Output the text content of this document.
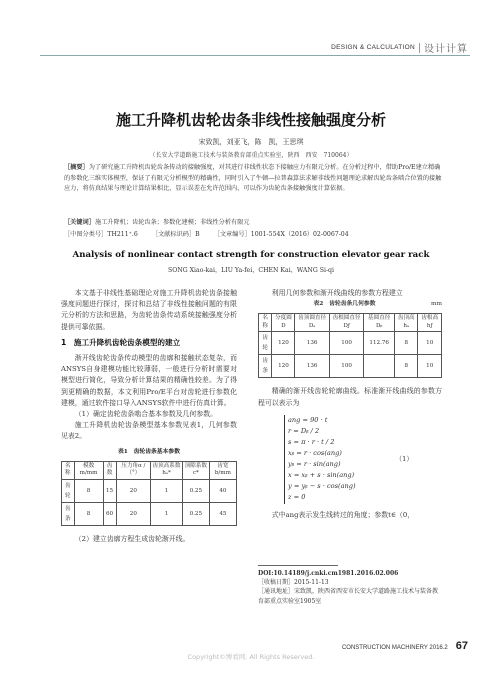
DESIGN & CALCULATION 设计计算
施工升降机齿轮齿条非线性接触强度分析
宋致凯，刘亚飞，陈　凯，王思琪
（长安大学道路施工技术与装备教育部重点实验室，陕西　西安　710064）
［摘要］为了研究施工升降机齿轮齿条传动的接触强度，对其进行非线性状态下接触应力有限元分析。在分析过程中，借助Pro/E建立精确的参数化三维实体模型，保证了有限元分析模型的精确性，同时引入了牛顿—拉普森算法求解非线性问题理论求解齿轮齿条啮合位置的接触应力，将仿真结果与理论计算结果相比，显示误差在允许范围内，可以作为齿轮齿条接触强度计算依据。
［关键词］施工升降机；齿轮齿条；参数化建模；非线性分析有限元
［中图分类号］TH211⁺.6 ［文献标识码］B ［文章编号］1001-554X（2016）02-0067-04
Analysis of nonlinear contact strength for construction elevator gear rack
SONG Xiao-kai，LIU Ya-fei，CHEN Kai，WANG Si-qi

本文基于非线性基础理论对施工升降机齿轮齿条接触强度问题进行探讨，探讨和总结了非线性接触问题的有限元分析的方法和思路，为齿轮齿条传动系统接触强度分析提供可靠依据。

1　施工升降机齿轮齿条模型的建立

渐开线齿轮齿条传动模型的齿廓和接触状态复杂，而ANSYS自身建模功能比较薄弱，一般进行分析时需要对模型进行简化，导致分析计算结果的精确性较差。为了得到更精确的数据，本文利用Pro/E平台对齿轮进行参数化建模，通过软件接口导入ANSYS软件中进行仿真计算。

（1）确定齿轮齿条啮合基本参数及几何参数。

施工升降机齿轮齿条模型基本参数见表1，几何参数见表2。

表1　齿轮齿条基本参数
名称	模数m/mm	齿数	压力角α /（°）	齿顶高系数hₐ*	顶隙系数c*	齿宽b/mm
齿轮	8	15	20	1	0.25	40
齿条	8	60	20	1	0.25	45

（2）建立齿廓方程生成齿轮渐开线。

利用几何参数和渐开线曲线的参数方程建立

表2　齿轮齿条几何参数	mm
名称	分度圆D	齿顶圆直径Dₐ	齿根圆直径Dƒ	基圆直径Dᵦ	齿顶高hₐ	齿根高hƒ
齿轮	120	136	100	112.76	8	10
齿条	120	136	100		8	10

精确的渐开线齿轮轮廓曲线。标准渐开线曲线的参数方程可以表示为

ang = 90 · t
r = Dᵦ / 2
s = π · r · t / 2
xᵦ = r · cos(ang)
yᵦ = r · sin(ang)
x = xᵦ + s · sin(ang)
y = yᵦ − s · cos(ang)
z = 0
（1）

式中ang表示发生线转过的角度；参数t∈（0，

DOI:10.14189/j.cnki.cm1981.2016.02.006
［收稿日期］2015-11-13
［通讯地址］宋致凯，陕西省西安市长安大学道路施工技术与装备教育部重点实验室1905室
CONSTRUCTION MACHINERY 2016.2 67
Copyright©博看网. All Rights Reserved.
